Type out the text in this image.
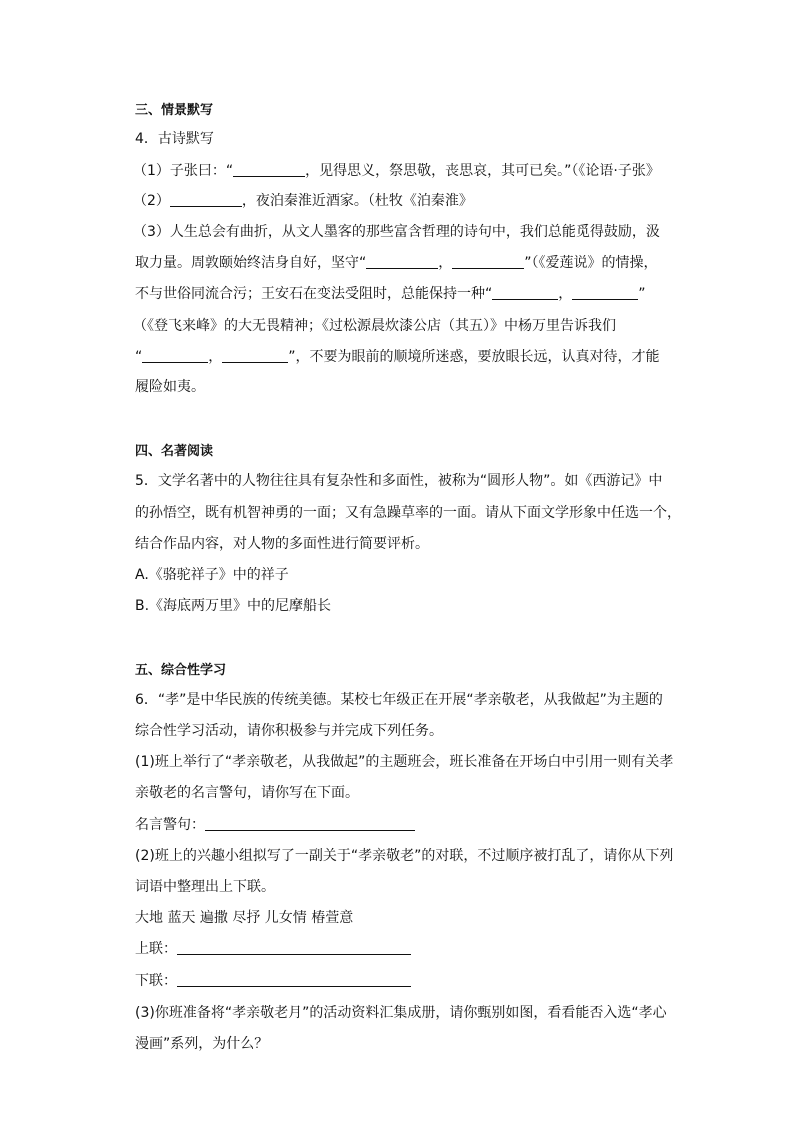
三、情景默写
4．古诗默写
（1）子张曰：“	，见得思义，祭思敬，丧思哀，其可已矣。”（《论语·子张》
（2）	，夜泊秦淮近酒家。（杜牧《泊秦淮》
（3）人生总会有曲折，从文人墨客的那些富含哲理的诗句中，我们总能觅得鼓励，汲
取力量。周敦颐始终洁身自好，坚守“	，	”（《爱莲说》的情操，
不与世俗同流合污；王安石在变法受阻时，总能保持一种“	，	”
（《登飞来峰》的大无畏精神；《过松源晨炊漆公店（其五）》中杨万里告诉我们
“	，	”，不要为眼前的顺境所迷惑，要放眼长远，认真对待，才能
履险如夷。
四、名著阅读
5．文学名著中的人物往往具有复杂性和多面性，被称为“圆形人物”。如《西游记》中
的孙悟空，既有机智神勇的一面；又有急躁草率的一面。请从下面文学形象中任选一个，
结合作品内容，对人物的多面性进行简要评析。
A.《骆驼祥子》中的祥子
B.《海底两万里》中的尼摩船长
五、综合性学习
6．“孝”是中华民族的传统美德。某校七年级正在开展“孝亲敬老，从我做起”为主题的
综合性学习活动，请你积极参与并完成下列任务。
(1)班上举行了“孝亲敬老，从我做起”的主题班会，班长准备在开场白中引用一则有关孝
亲敬老的名言警句，请你写在下面。
名言警句：
(2)班上的兴趣小组拟写了一副关于“孝亲敬老”的对联，不过顺序被打乱了，请你从下列
词语中整理出上下联。
大地 蓝天 遍撒 尽抒 儿女情 椿萱意
上联：
下联：
(3)你班准备将“孝亲敬老月”的活动资料汇集成册，请你甄别如图，看看能否入选“孝心
漫画”系列，为什么？
